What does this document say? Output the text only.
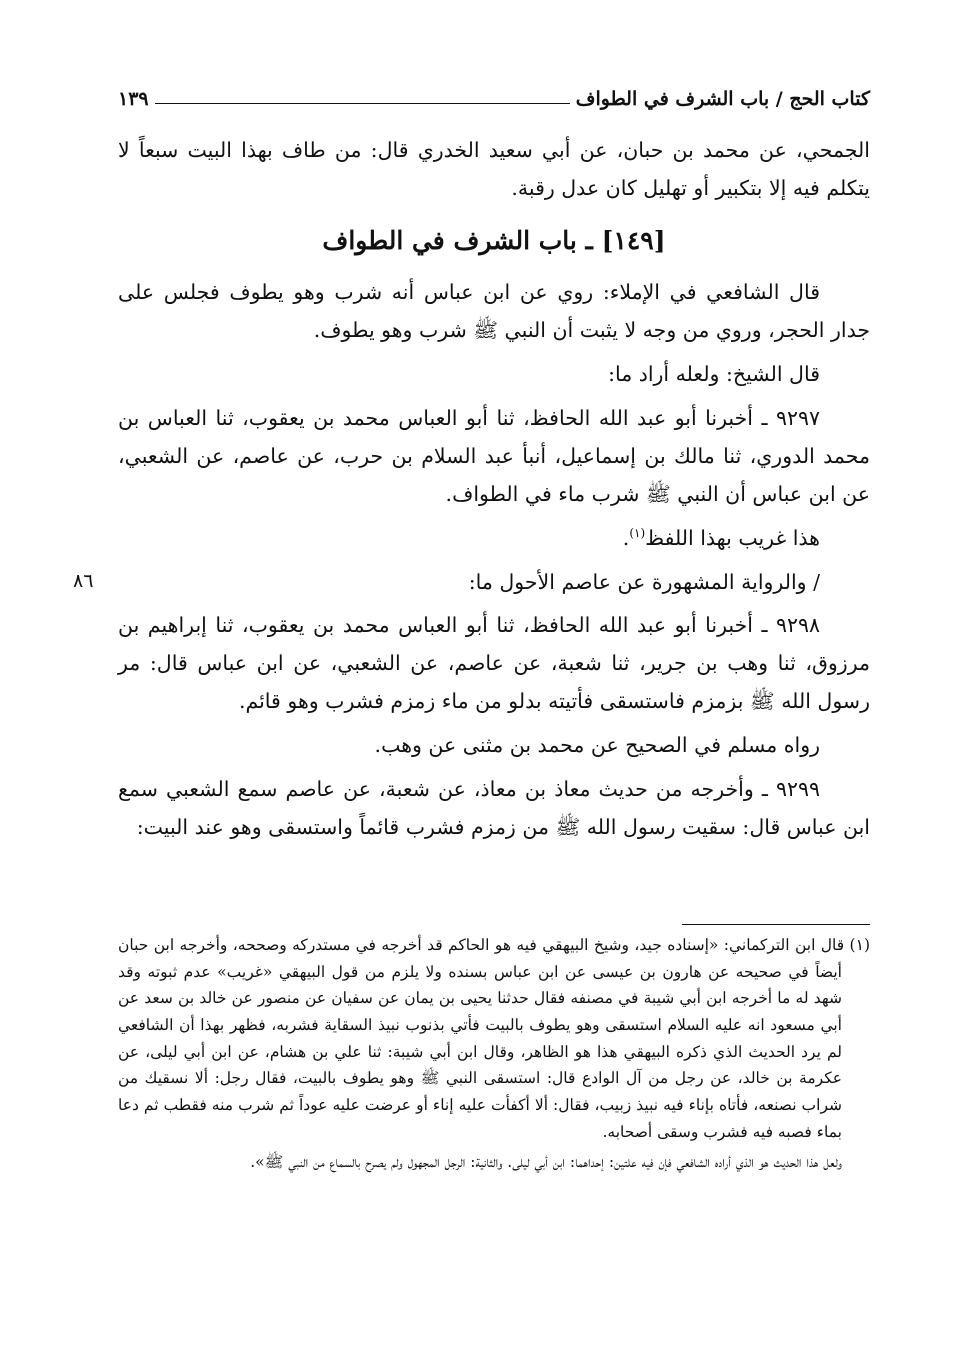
كتاب الحج / باب الشرف في الطواف
١٣٩

الجمحي، عن محمد بن حبان، عن أبي سعيد الخدري قال: من طاف بهذا البيت سبعاً لا يتكلم فيه إلا بتكبير أو تهليل كان عدل رقبة.

[١٤٩] ـ باب الشرف في الطواف

قال الشافعي في الإملاء: روي عن ابن عباس أنه شرب وهو يطوف فجلس على جدار الحجر، وروي من وجه لا يثبت أن النبي ﷺ شرب وهو يطوف.

قال الشيخ: ولعله أراد ما:

٩٢٩٧ ـ أخبرنا أبو عبد الله الحافظ، ثنا أبو العباس محمد بن يعقوب، ثنا العباس بن محمد الدوري، ثنا مالك بن إسماعيل، أنبأ عبد السلام بن حرب، عن عاصم، عن الشعبي، عن ابن عباس أن النبي ﷺ شرب ماء في الطواف.

هذا غريب بهذا اللفظ$^{(١)}$.

/ والرواية المشهورة عن عاصم الأحول ما:
٨٦

٩٢٩٨ ـ أخبرنا أبو عبد الله الحافظ، ثنا أبو العباس محمد بن يعقوب، ثنا إبراهيم بن مرزوق، ثنا وهب بن جرير، ثنا شعبة، عن عاصم، عن الشعبي، عن ابن عباس قال: مر رسول الله ﷺ بزمزم فاستسقى فأتيته بدلو من ماء زمزم فشرب وهو قائم.

رواه مسلم في الصحيح عن محمد بن مثنى عن وهب.

٩٢٩٩ ـ وأخرجه من حديث معاذ بن معاذ، عن شعبة، عن عاصم سمع الشعبي سمع ابن عباس قال: سقيت رسول الله ﷺ من زمزم فشرب قائماً واستسقى وهو عند البيت:

(١) قال ابن التركماني: «إسناده جيد، وشيخ البيهقي فيه هو الحاكم قد أخرجه في مستدركه وصححه، وأخرجه ابن حبان أيضاً في صحيحه عن هارون بن عيسى عن ابن عباس بسنده ولا يلزم من قول البيهقي «غريب» عدم ثبوته وقد شهد له ما أخرجه ابن أبي شيبة في مصنفه فقال حدثنا يحيى بن يمان عن سفيان عن منصور عن خالد بن سعد عن أبي مسعود انه عليه السلام استسقى وهو يطوف بالبيت فأتي بذنوب نبيذ السقاية فشربه، فظهر بهذا أن الشافعي لم يرد الحديث الذي ذكره البيهقي هذا هو الظاهر، وقال ابن أبي شيبة: ثنا علي بن هشام، عن ابن أبي ليلى، عن عكرمة بن خالد، عن رجل من آل الوادع قال: استسقى النبي ﷺ وهو يطوف بالبيت، فقال رجل: ألا نسقيك من شراب نصنعه، فأتاه بإناء فيه نبيذ زبيب، فقال: ألا أكفأت عليه إناء أو عرضت عليه عوداً ثم شرب منه فقطب ثم دعا بماء فصبه فيه فشرب وسقى أصحابه.

ولعل هذا الحديث هو الذي أراده الشافعي فإن فيه علتين: إحداهما: ابن أبي ليلى. والثانية: الرجل المجهول ولم يصرح بالسماع من النبي ﷺ».
